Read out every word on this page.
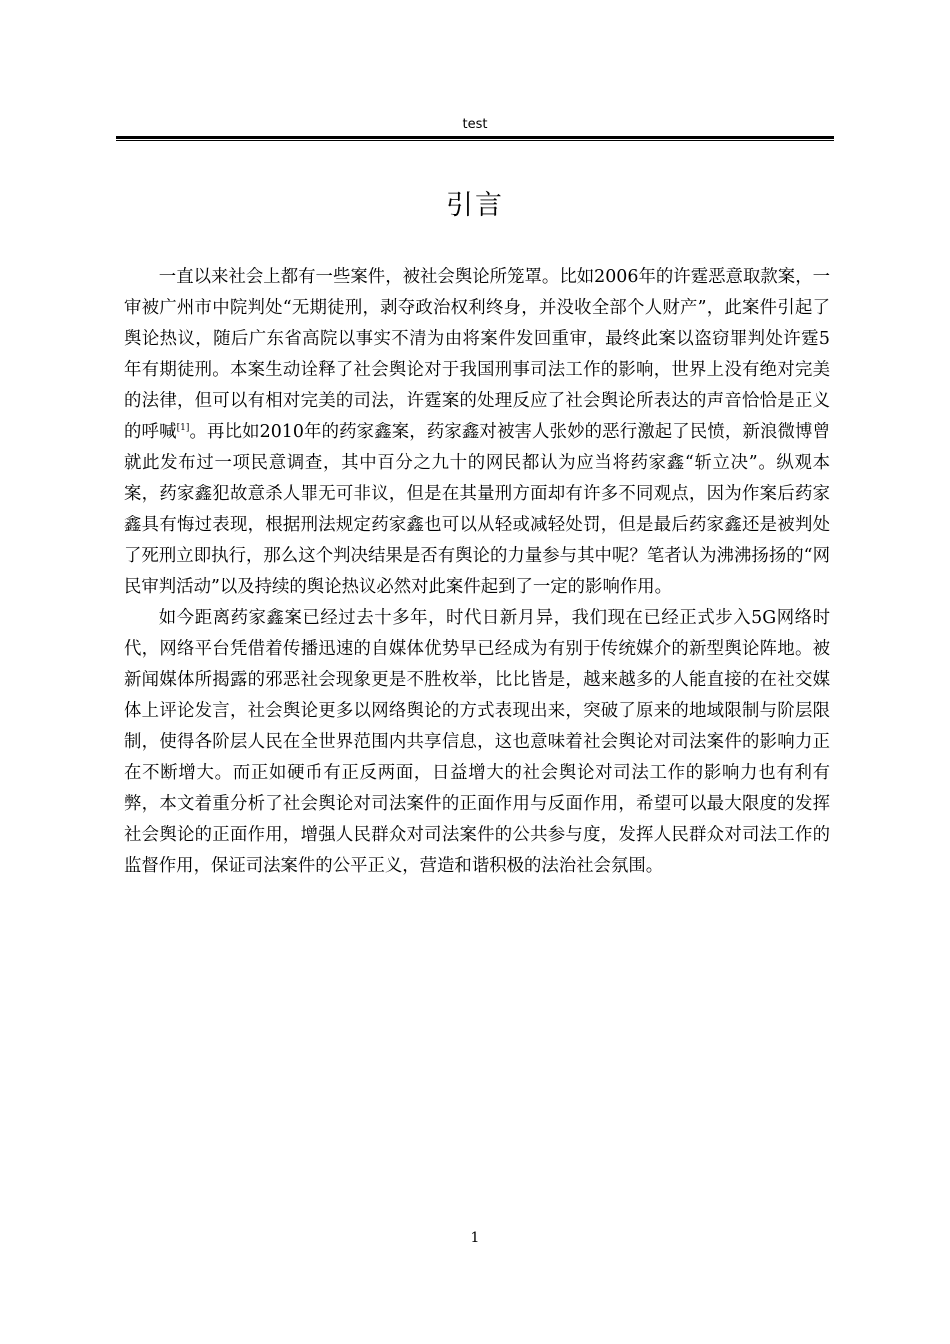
test
引言

一直以来社会上都有一些案件，被社会舆论所笼罩。比如2006年的许霆恶意取款案，一审被广州市中院判处“无期徒刑，剥夺政治权利终身，并没收全部个人财产”，此案件引起了舆论热议，随后广东省高院以事实不清为由将案件发回重审，最终此案以盗窃罪判处许霆5年有期徒刑。本案生动诠释了社会舆论对于我国刑事司法工作的影响，世界上没有绝对完美的法律，但可以有相对完美的司法，许霆案的处理反应了社会舆论所表达的声音恰恰是正义的呼喊[1]。再比如2010年的药家鑫案，药家鑫对被害人张妙的恶行激起了民愤，新浪微博曾就此发布过一项民意调查，其中百分之九十的网民都认为应当将药家鑫“斩立决”。纵观本案，药家鑫犯故意杀人罪无可非议，但是在其量刑方面却有许多不同观点，因为作案后药家鑫具有悔过表现，根据刑法规定药家鑫也可以从轻或减轻处罚，但是最后药家鑫还是被判处了死刑立即执行，那么这个判决结果是否有舆论的力量参与其中呢？笔者认为沸沸扬扬的“网民审判活动”以及持续的舆论热议必然对此案件起到了一定的影响作用。

如今距离药家鑫案已经过去十多年，时代日新月异，我们现在已经正式步入5G网络时代，网络平台凭借着传播迅速的自媒体优势早已经成为有别于传统媒介的新型舆论阵地。被新闻媒体所揭露的邪恶社会现象更是不胜枚举，比比皆是，越来越多的人能直接的在社交媒体上评论发言，社会舆论更多以网络舆论的方式表现出来，突破了原来的地域限制与阶层限制，使得各阶层人民在全世界范围内共享信息，这也意味着社会舆论对司法案件的影响力正在不断增大。而正如硬币有正反两面，日益增大的社会舆论对司法工作的影响力也有利有弊，本文着重分析了社会舆论对司法案件的正面作用与反面作用，希望可以最大限度的发挥社会舆论的正面作用，增强人民群众对司法案件的公共参与度，发挥人民群众对司法工作的监督作用，保证司法案件的公平正义，营造和谐积极的法治社会氛围。

1
